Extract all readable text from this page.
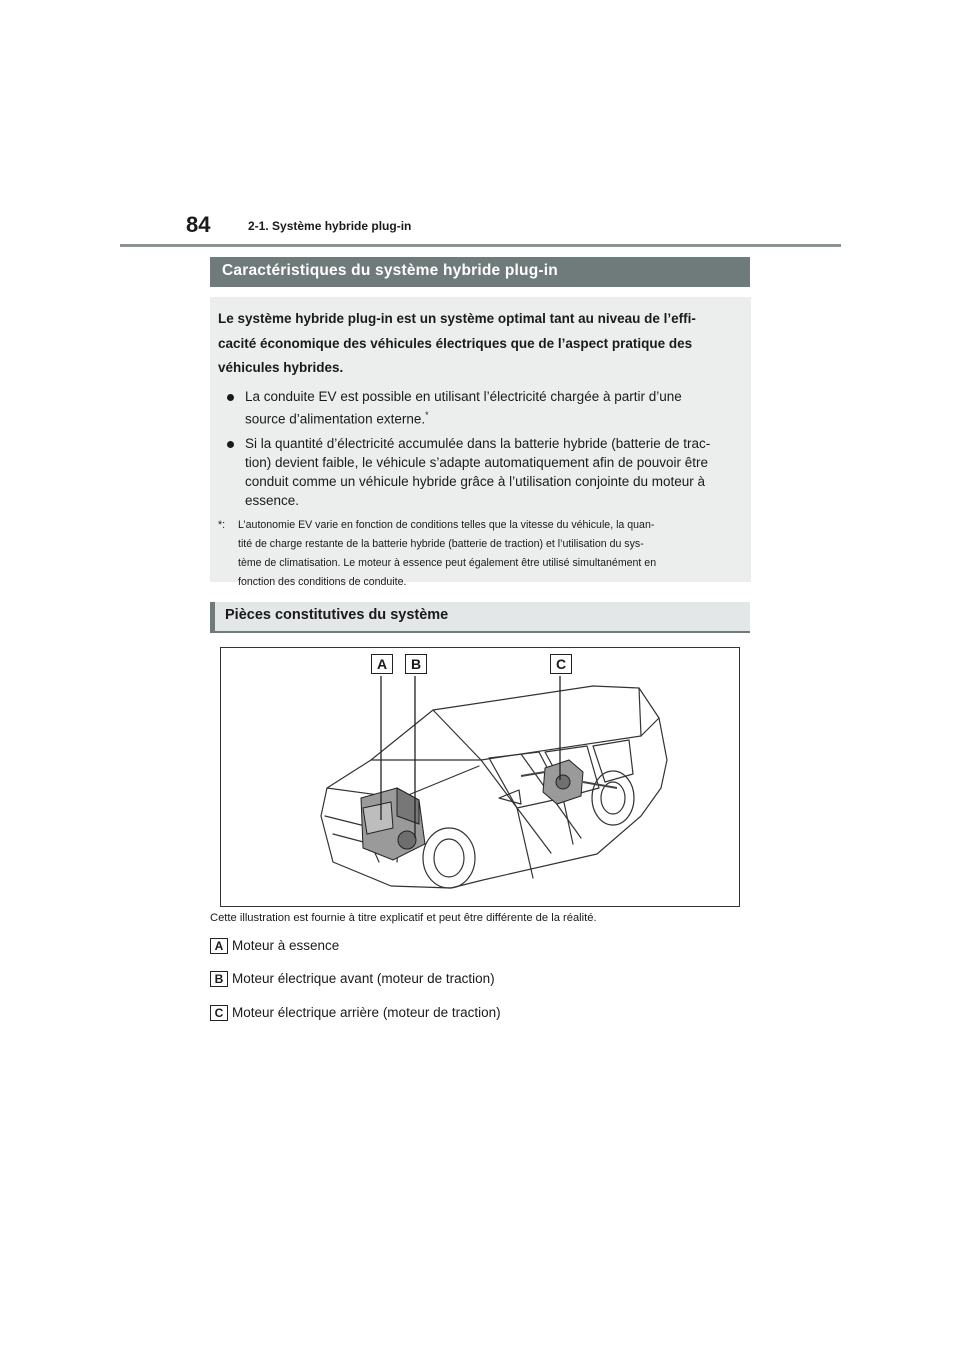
84	2-1. Système hybride plug-in
Caractéristiques du système hybride plug-in

Le système hybride plug-in est un système optimal tant au niveau de l’effi-
cacité économique des véhicules électriques que de l’aspect pratique des
véhicules hybrides.

La conduite EV est possible en utilisant l’électricité chargée à partir d’une
source d’alimentation externe.*
Si la quantité d’électricité accumulée dans la batterie hybride (batterie de trac-
tion) devient faible, le véhicule s’adapte automatiquement afin de pouvoir être
conduit comme un véhicule hybride grâce à l’utilisation conjointe du moteur à
essence.
*: L’autonomie EV varie en fonction de conditions telles que la vitesse du véhicule, la quan-
tité de charge restante de la batterie hybride (batterie de traction) et l’utilisation du sys-
tème de climatisation. Le moteur à essence peut également être utilisé simultanément en
fonction des conditions de conduite.
Pièces constitutives du système
A	B	C
Cette illustration est fournie à titre explicatif et peut être différente de la réalité.
A Moteur à essence
B Moteur électrique avant (moteur de traction)
C Moteur électrique arrière (moteur de traction)
